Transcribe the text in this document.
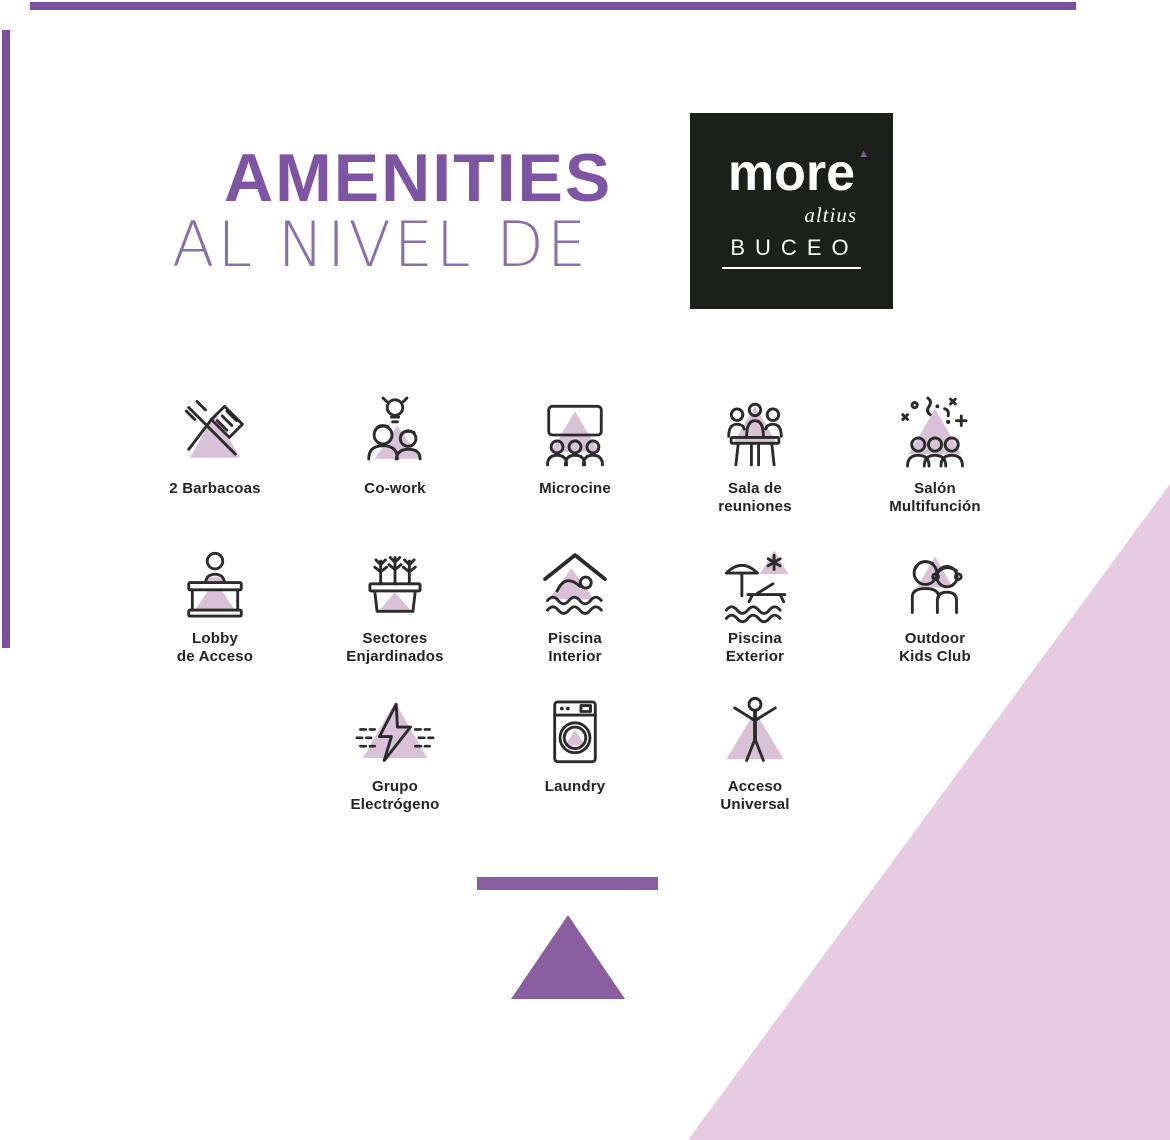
AMENITIES
AL NIVEL DE
more ▲
altius
BUCEO
2 Barbacoas	Co-work	Microcine	Sala de
reuniones
Salón
Multifunción
Lobby
de Acceso
Sectores
Enjardinados
Piscina
Interior
Piscina
Exterior
Outdoor
Kids Club
Grupo
Electrógeno
Laundry	Acceso
Universal
